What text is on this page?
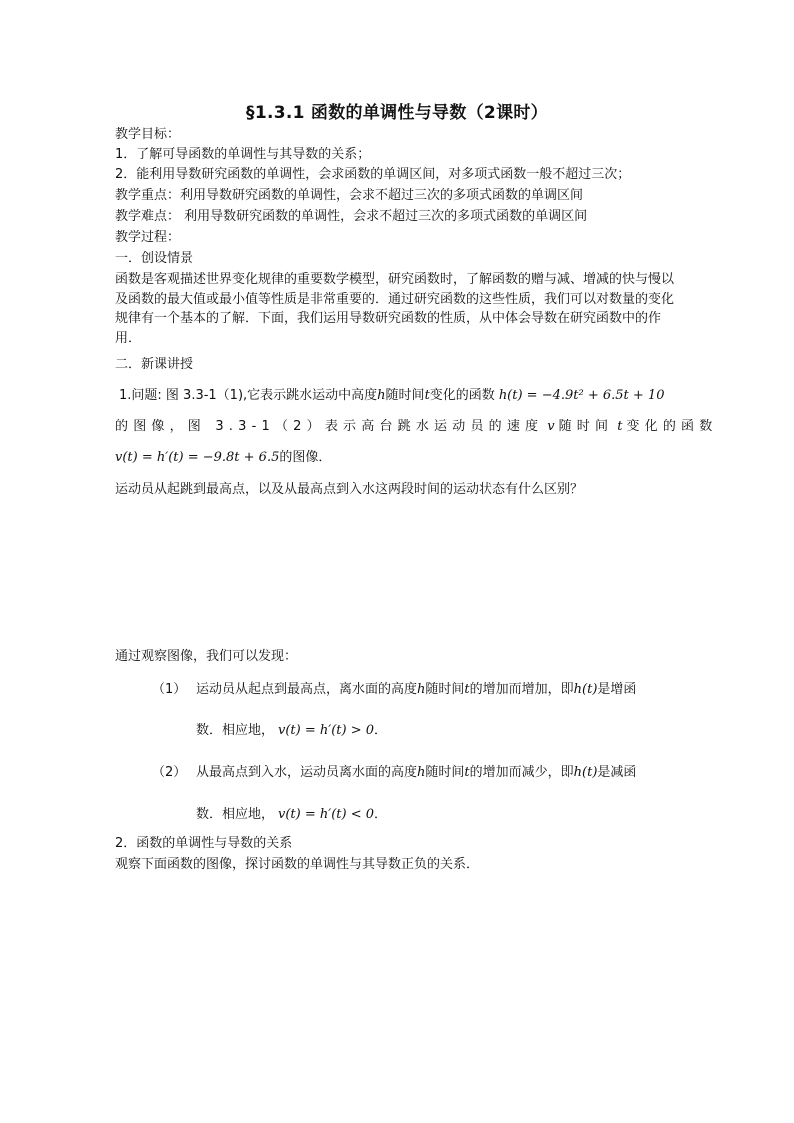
§1.3.1 函数的单调性与导数（2课时）
教学目标：
1．了解可导函数的单调性与其导数的关系；
2．能利用导数研究函数的单调性，会求函数的单调区间，对多项式函数一般不超过三次；
教学重点：利用导数研究函数的单调性，会求不超过三次的多项式函数的单调区间
教学难点： 利用导数研究函数的单调性，会求不超过三次的多项式函数的单调区间
教学过程：
一．创设情景
函数是客观描述世界变化规律的重要数学模型，研究函数时，了解函数的赠与减、增减的快与慢以及函数的最大值或最小值等性质是非常重要的．通过研究函数的这些性质，我们可以对数量的变化规律有一个基本的了解．下面，我们运用导数研究函数的性质，从中体会导数在研究函数中的作用．
二．新课讲授
1.问题: 图 3.3-1（1),它表示跳水运动中高度h随时间t变化的函数 h(t) = −4.9t² + 6.5t + 10
的图像，图 3.3-1（2）表示高台跳水运动员的速度 v 随时间 t 变化的函数
v(t) = h′(t) = −9.8t + 6.5的图像．
运动员从起跳到最高点，以及从最高点到入水这两段时间的运动状态有什么区别？
通过观察图像，我们可以发现：
（1） 运动员从起点到最高点，离水面的高度h随时间t的增加而增加，即h(t)是增函
数．相应地， v(t) = h′(t) > 0．
（2） 从最高点到入水，运动员离水面的高度h随时间t的增加而减少，即h(t)是减函
数．相应地， v(t) = h′(t) < 0．
2．函数的单调性与导数的关系
观察下面函数的图像，探讨函数的单调性与其导数正负的关系．
